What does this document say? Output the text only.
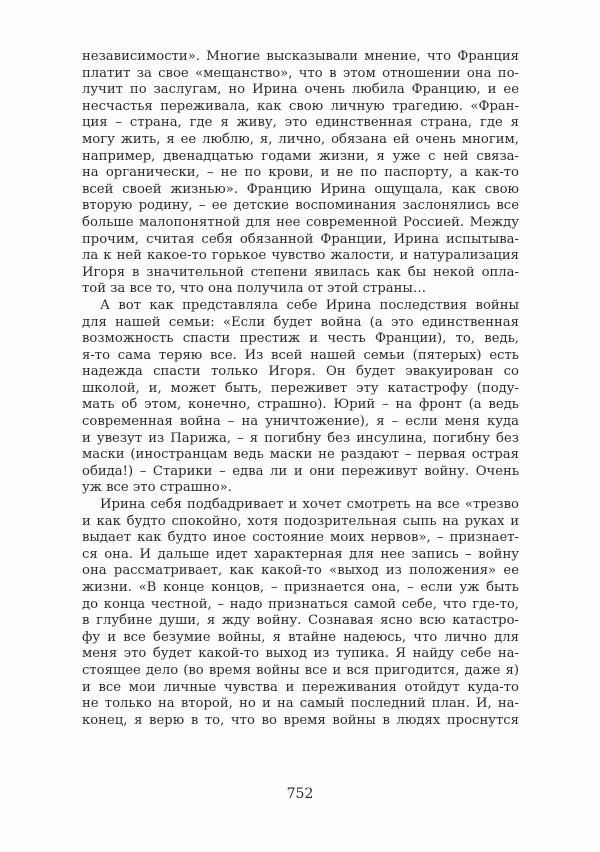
независимости». Многие высказывали мнение, что Франция
платит за свое «мещанство», что в этом отношении она по-
лучит по заслугам, но Ирина очень любила Францию, и ее
несчастья переживала, как свою личную трагедию. «Фран-
ция – страна, где я живу, это единственная страна, где я
могу жить, я ее люблю, я, лично, обязана ей очень многим,
например, двенадцатью годами жизни, я уже с ней связа-
на органически, – не по крови, и не по паспорту, а как-то
всей своей жизнью». Францию Ирина ощущала, как свою
вторую родину, – ее детские воспоминания заслонялись все
больше малопонятной для нее современной Россией. Между
прочим, считая себя обязанной Франции, Ирина испытыва-
ла к ней какое-то горькое чувство жалости, и натурализация
Игоря в значительной степени явилась как бы некой опла-
той за все то, что она получила от этой страны…
А вот как представляла себе Ирина последствия войны
для нашей семьи: «Если будет война (а это единственная
возможность спасти престиж и честь Франции), то, ведь,
я-то сама теряю все. Из всей нашей семьи (пятерых) есть
надежда спасти только Игоря. Он будет эвакуирован со
школой, и, может быть, переживет эту катастрофу (поду-
мать об этом, конечно, страшно). Юрий – на фронт (а ведь
современная война – на уничтожение), я – если меня куда
и увезут из Парижа, – я погибну без инсулина, погибну без
маски (иностранцам ведь маски не раздают – первая острая
обида!) – Старики – едва ли и они переживут войну. Очень
уж все это страшно».
Ирина себя подбадривает и хочет смотреть на все «трезво
и как будто спокойно, хотя подозрительная сыпь на руках и
выдает как будто иное состояние моих нервов», – признает-
ся она. И дальше идет характерная для нее запись – войну
она рассматривает, как какой-то «выход из положения» ее
жизни. «В конце концов, – признается она, – если уж быть
до конца честной, – надо признаться самой себе, что где-то,
в глубине души, я жду войну. Сознавая ясно всю катастро-
фу и все безумие войны, я втайне надеюсь, что лично для
меня это будет какой-то выход из тупика. Я найду себе на-
стоящее дело (во время войны все и вся пригодится, даже я)
и все мои личные чувства и переживания отойдут куда-то
не только на второй, но и на самый последний план. И, на-
конец, я верю в то, что во время войны в людях проснутся
752
